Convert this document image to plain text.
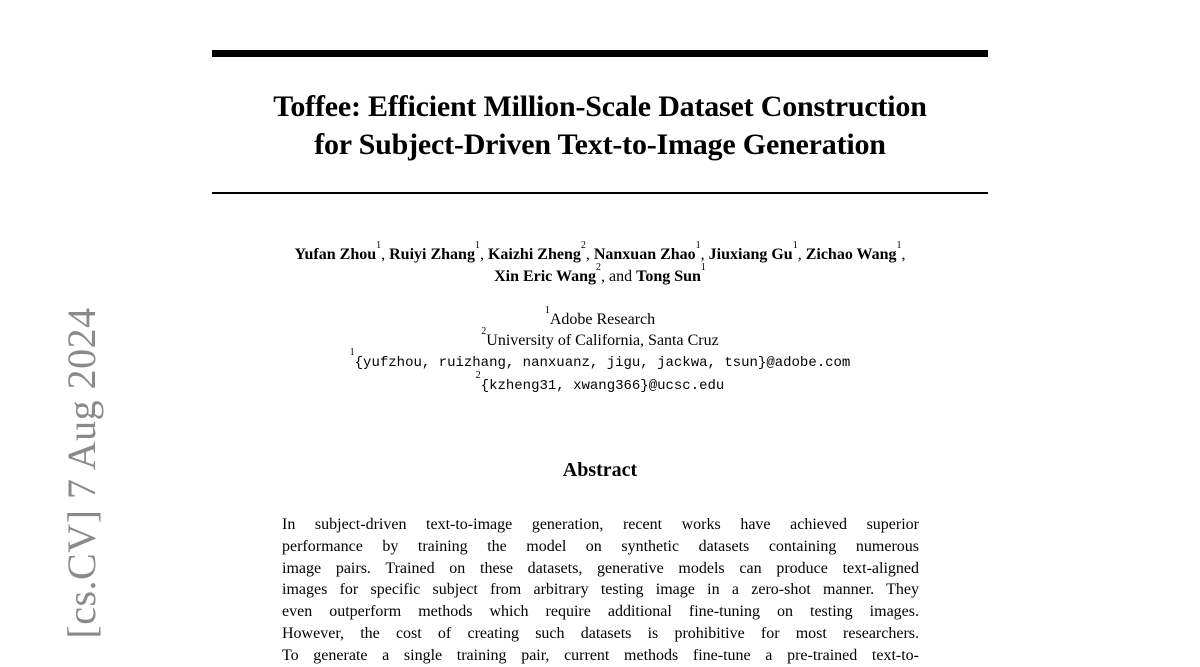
[cs.CV] 7 Aug 2024
Toffee: Efficient Million-Scale Dataset Construction
for Subject-Driven Text-to-Image Generation
Yufan Zhou$^1$, Ruiyi Zhang$^1$, Kaizhi Zheng$^2$, Nanxuan Zhao$^1$, Jiuxiang Gu$^1$, Zichao Wang$^1$,
Xin Eric Wang$^2$, and Tong Sun$^1$
$^1$Adobe Research
$^2$University of California, Santa Cruz
$^1${yufzhou, ruizhang, nanxuanz, jigu, jackwa, tsun}@adobe.com
$^2${kzheng31, xwang366}@ucsc.edu
Abstract
In subject-driven text-to-image generation, recent works have achieved superior
performance by training the model on synthetic datasets containing numerous
image pairs. Trained on these datasets, generative models can produce text-aligned
images for specific subject from arbitrary testing image in a zero-shot manner. They
even outperform methods which require additional fine-tuning on testing images.
However, the cost of creating such datasets is prohibitive for most researchers.
To generate a single training pair, current methods fine-tune a pre-trained text-to-
